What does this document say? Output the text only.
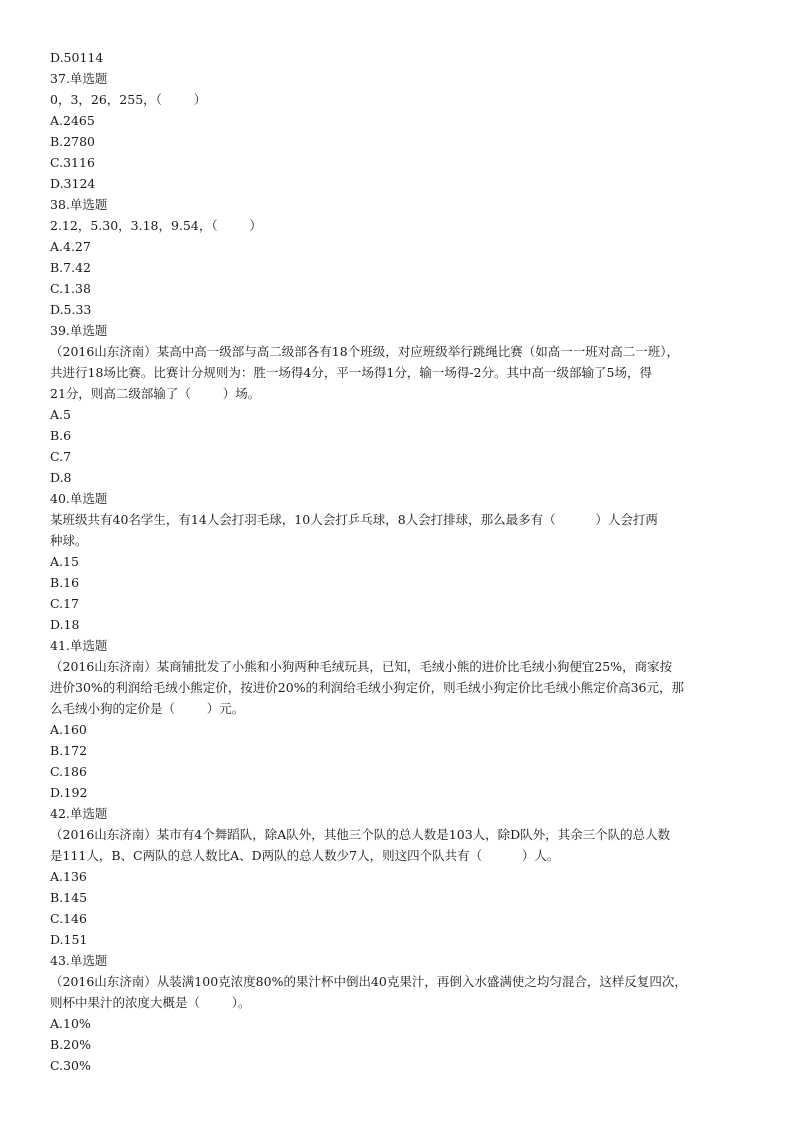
D.50114
37.单选题
0，3，26，255，（        ）
A.2465
B.2780
C.3116
D.3124
38.单选题
2.12，5.30，3.18，9.54，（        ）
A.4.27
B.7.42
C.1.38
D.5.33
39.单选题
（2016山东济南）某高中高一级部与高二级部各有18个班级，对应班级举行跳绳比赛（如高一一班对高二一班），
共进行18场比赛。比赛计分规则为：胜一场得4分，平一场得1分，输一场得-2分。其中高一级部输了5场，得
21分，则高二级部输了（        ）场。
A.5
B.6
C.7
D.8
40.单选题
某班级共有40名学生，有14人会打羽毛球，10人会打乒乓球，8人会打排球，那么最多有（          ）人会打两
种球。
A.15
B.16
C.17
D.18
41.单选题
（2016山东济南）某商铺批发了小熊和小狗两种毛绒玩具，已知，毛绒小熊的进价比毛绒小狗便宜25%，商家按
进价30%的利润给毛绒小熊定价，按进价20%的利润给毛绒小狗定价，则毛绒小狗定价比毛绒小熊定价高36元，那
么毛绒小狗的定价是（        ）元。
A.160
B.172
C.186
D.192
42.单选题
（2016山东济南）某市有4个舞蹈队，除A队外，其他三个队的总人数是103人，除D队外，其余三个队的总人数
是111人，B、C两队的总人数比A、D两队的总人数少7人，则这四个队共有（          ）人。
A.136
B.145
C.146
D.151
43.单选题
（2016山东济南）从装满100克浓度80%的果汁杯中倒出40克果汁，再倒入水盛满使之均匀混合，这样反复四次，
则杯中果汁的浓度大概是（        ）。
A.10%
B.20%
C.30%
